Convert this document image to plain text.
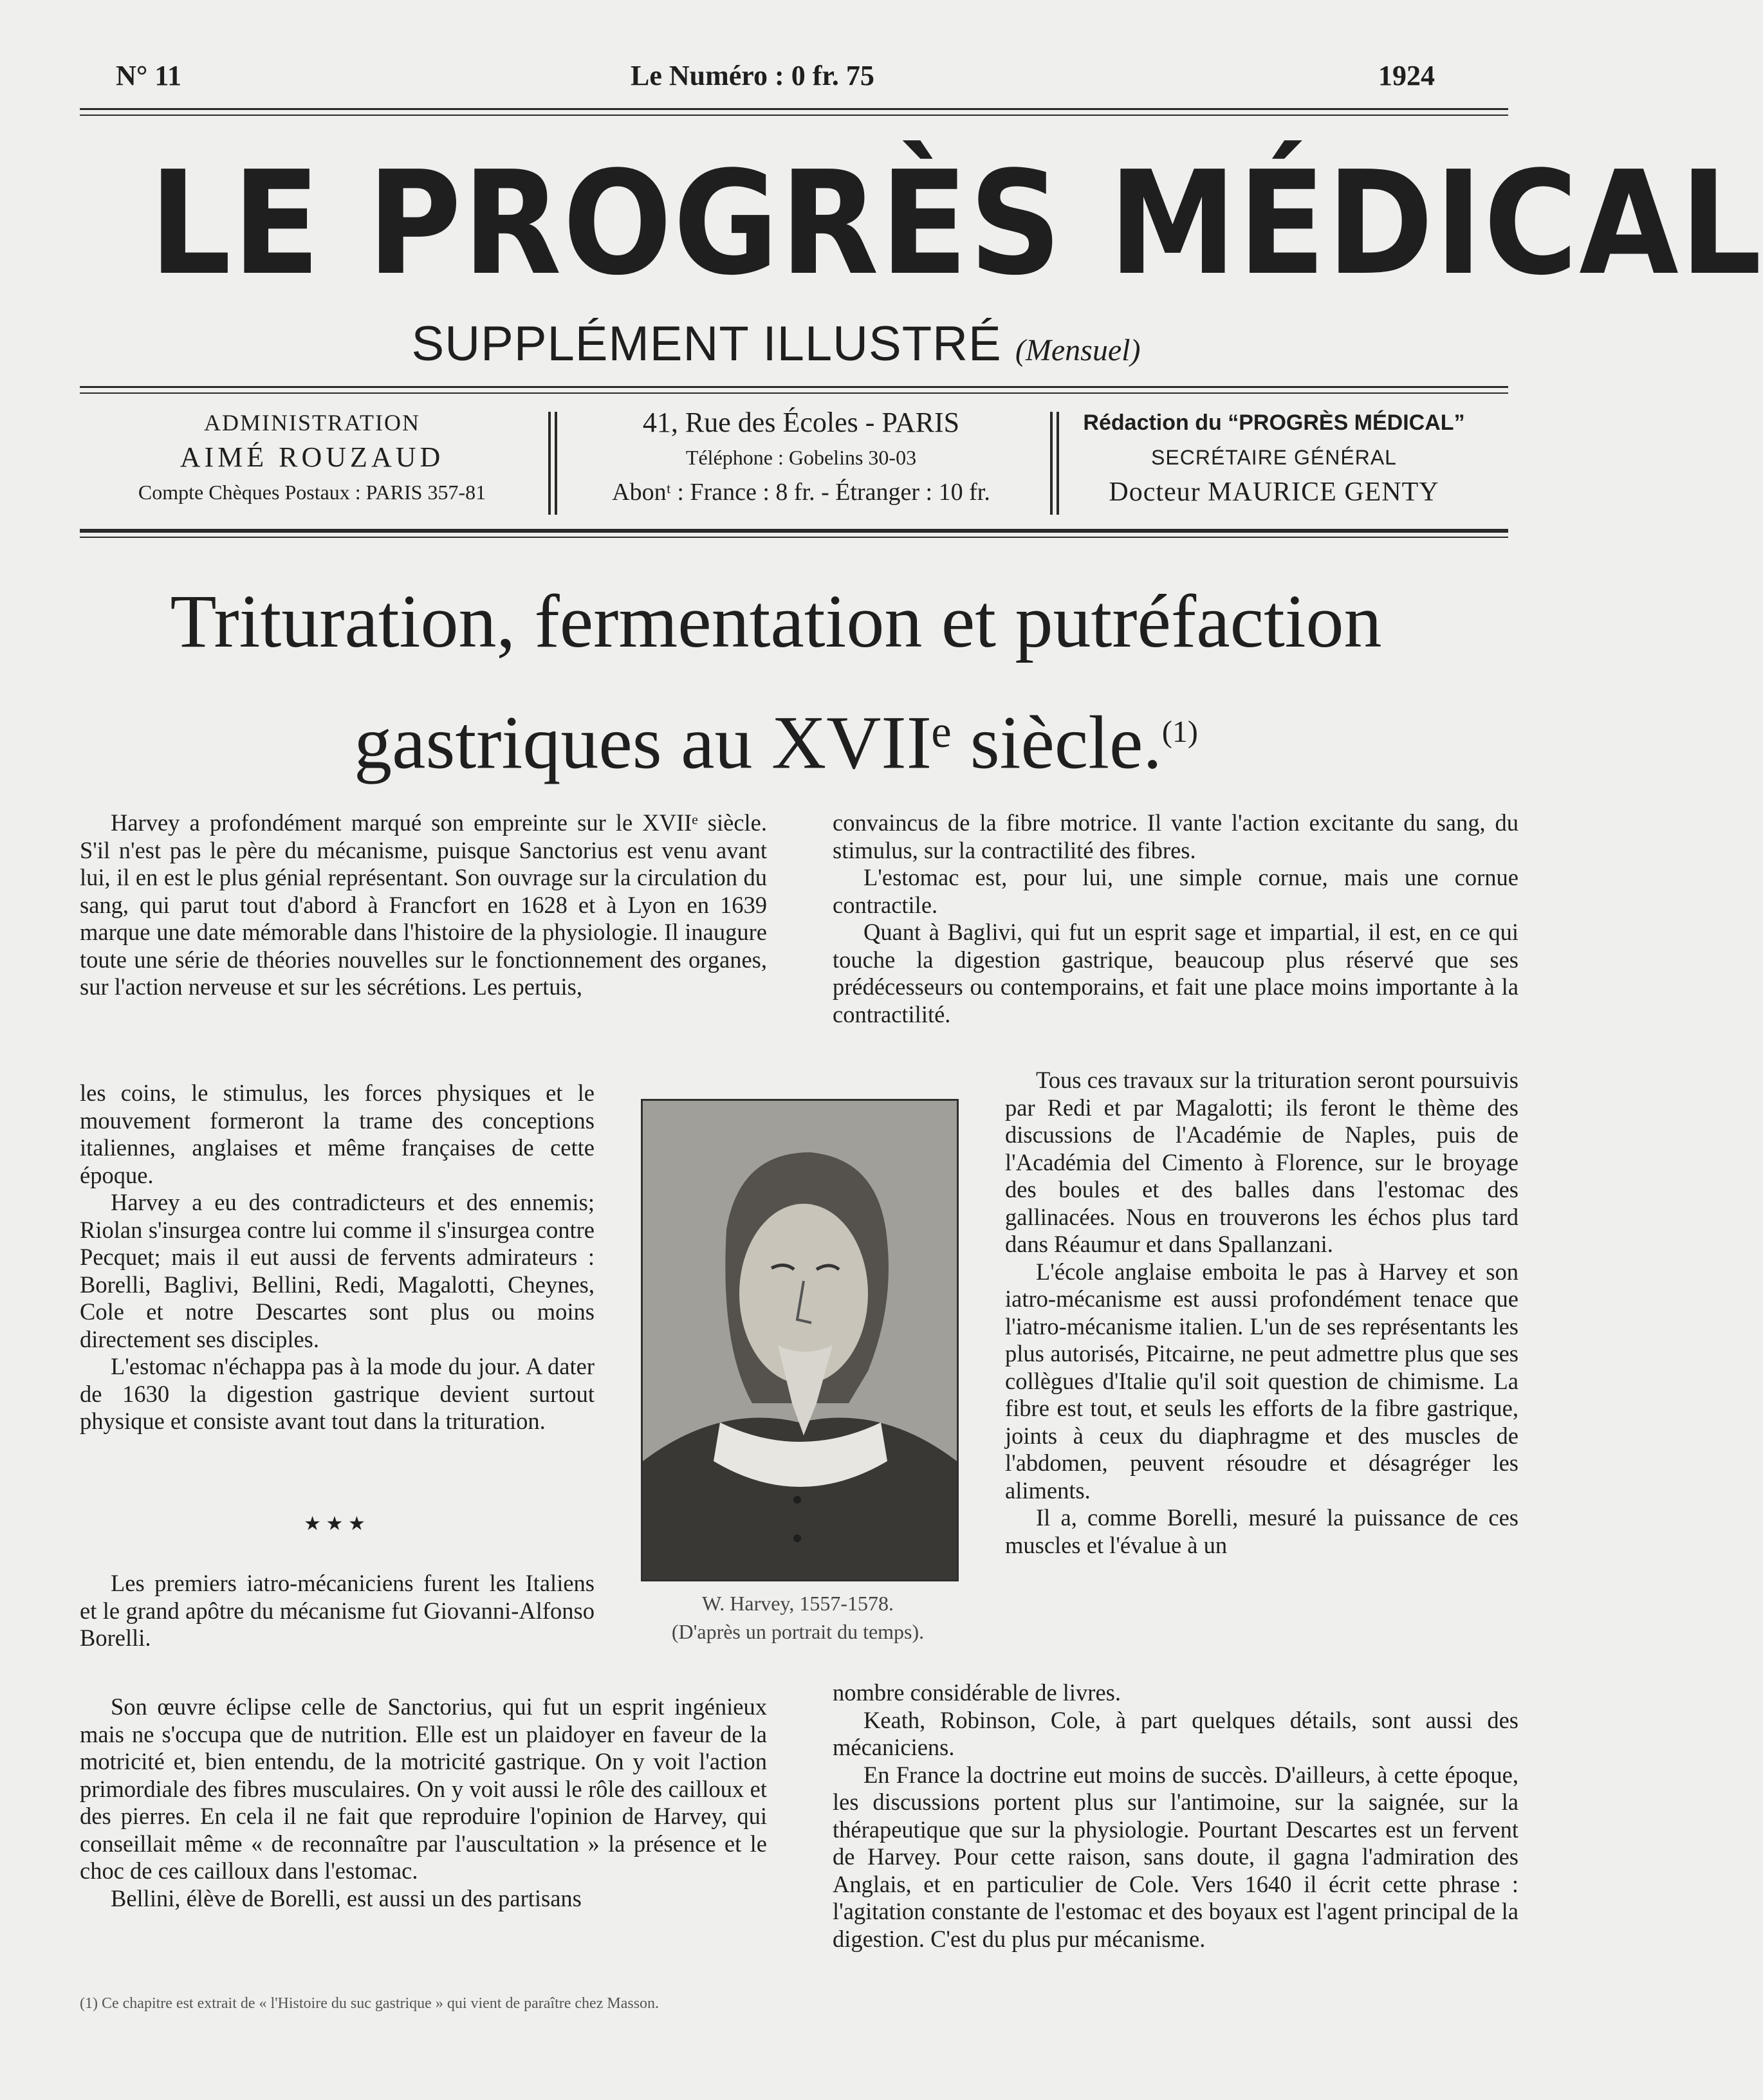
N° 11	Le Numéro : 0 fr. 75	1924
LE PROGRÈS MÉDICAL
SUPPLÉMENT ILLUSTRÉ (Mensuel)
ADMINISTRATION
AIMÉ ROUZAUD
Compte Chèques Postaux : PARIS 357-81
41, Rue des Écoles - PARIS
Téléphone : Gobelins 30-03
Abonᵗ : France : 8 fr. - Étranger : 10 fr.
Rédaction du “PROGRÈS MÉDICAL”
SECRÉTAIRE GÉNÉRAL
Docteur MAURICE GENTY
Trituration, fermentation et putréfaction
gastriques au XVIIᵉ siècle.$^{(1)}$

Harvey a profondément marqué son empreinte sur le XVIIᵉ siècle. S'il n'est pas le père du mécanisme, puisque Sanctorius est venu avant lui, il en est le plus génial représentant. Son ouvrage sur la circulation du sang, qui parut tout d'abord à Francfort en 1628 et à Lyon en 1639 marque une date mémorable dans l'histoire de la physiologie. Il inaugure toute une série de théories nouvelles sur le fonctionnement des organes, sur l'action nerveuse et sur les sécrétions. Les pertuis,

les coins, le stimulus, les forces physiques et le mouvement formeront la trame des conceptions italiennes, anglaises et même françaises de cette époque.

Harvey a eu des contradicteurs et des ennemis; Riolan s'insurgea contre lui comme il s'insurgea contre Pecquet; mais il eut aussi de fervents admirateurs : Borelli, Baglivi, Bellini, Redi, Magalotti, Cheynes, Cole et notre Descartes sont plus ou moins directement ses disciples.

L'estomac n'échappa pas à la mode du jour. A dater de 1630 la digestion gastrique devient surtout physique et consiste avant tout dans la trituration.

★ ★ ★

Les premiers iatro-mécaniciens furent les Italiens et le grand apôtre du mécanisme fut Giovanni-Alfonso Borelli.

Son œuvre éclipse celle de Sanctorius, qui fut un esprit ingénieux mais ne s'occupa que de nutrition. Elle est un plaidoyer en faveur de la motricité et, bien entendu, de la motricité gastrique. On y voit l'action primordiale des fibres musculaires. On y voit aussi le rôle des cailloux et des pierres. En cela il ne fait que reproduire l'opinion de Harvey, qui conseillait même « de reconnaître par l'auscultation » la présence et le choc de ces cailloux dans l'estomac.

Bellini, élève de Borelli, est aussi un des partisans

(1) Ce chapitre est extrait de « l'Histoire du suc gastrique » qui vient de paraître chez Masson.
W. Harvey, 1557-1578.
(D'après un portrait du temps).

convaincus de la fibre motrice. Il vante l'action excitante du sang, du stimulus, sur la contractilité des fibres.

L'estomac est, pour lui, une simple cornue, mais une cornue contractile.

Quant à Baglivi, qui fut un esprit sage et impartial, il est, en ce qui touche la digestion gastrique, beaucoup plus réservé que ses prédécesseurs ou contemporains, et fait une place moins importante à la contractilité.

Tous ces travaux sur la trituration seront poursuivis par Redi et par Magalotti; ils feront le thème des discussions de l'Académie de Naples, puis de l'Académia del Cimento à Florence, sur le broyage des boules et des balles dans l'estomac des gallinacées. Nous en trouverons les échos plus tard dans Réaumur et dans Spallanzani.

L'école anglaise emboita le pas à Harvey et son iatro-mécanisme est aussi profondément tenace que l'iatro-mécanisme italien. L'un de ses représentants les plus autorisés, Pitcairne, ne peut admettre plus que ses collègues d'Italie qu'il soit question de chimisme. La fibre est tout, et seuls les efforts de la fibre gastrique, joints à ceux du diaphragme et des muscles de l'abdomen, peuvent résoudre et désagréger les aliments.

Il a, comme Borelli, mesuré la puissance de ces muscles et l'évalue à un

nombre considérable de livres.

Keath, Robinson, Cole, à part quelques détails, sont aussi des mécaniciens.

En France la doctrine eut moins de succès. D'ailleurs, à cette époque, les discussions portent plus sur l'antimoine, sur la saignée, sur la thérapeutique que sur la physiologie. Pourtant Descartes est un fervent de Harvey. Pour cette raison, sans doute, il gagna l'admiration des Anglais, et en particulier de Cole. Vers 1640 il écrit cette phrase : l'agitation constante de l'estomac et des boyaux est l'agent principal de la digestion. C'est du plus pur mécanisme.
